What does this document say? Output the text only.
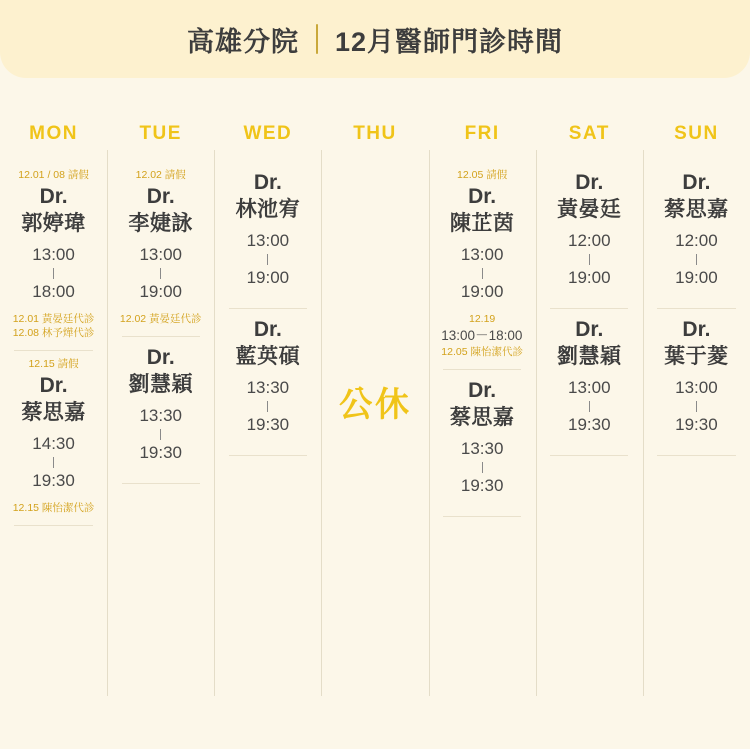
高雄分院 12月醫師門診時間
MON
12.01 / 08 請假
Dr.
郭婷瑋
13:00
18:00
12.01 黃晏廷代診
12.08 林予燁代診
12.15 請假
Dr.
蔡思嘉
14:30
19:30
12.15 陳怡潔代診
TUE
12.02 請假
Dr.
李婕詠
13:00
19:00
12.02 黃晏廷代診
Dr.
劉慧穎
13:30
19:30
WED
Dr.
林池宥
13:00
19:00
Dr.
藍英碩
13:30
19:30
THU
公休
FRI
12.05 請假
Dr.
陳芷茵
13:00
19:00
12.19
13:00－18:00
12.05 陳怡潔代診
Dr.
蔡思嘉
13:30
19:30
SAT
Dr.
黃晏廷
12:00
19:00
Dr.
劉慧穎
13:00
19:30
SUN
Dr.
蔡思嘉
12:00
19:00
Dr.
葉于菱
13:00
19:30
